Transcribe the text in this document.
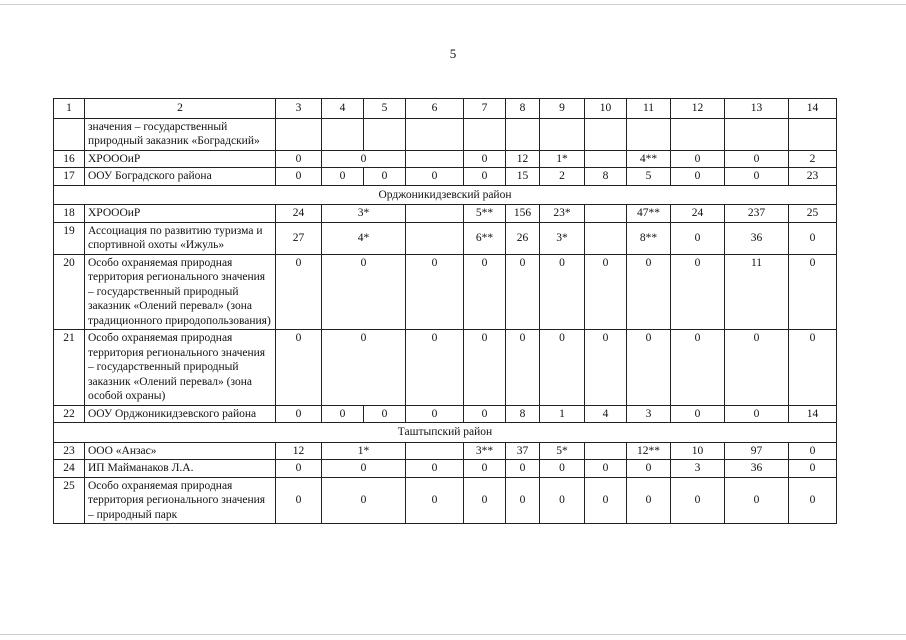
5
1	2	3	4	5	6	7	8	9	10	11	12	13	14
	значения – государственный природный заказник «Боградский»												
16	ХРОООиР	0	0			0	12	1*		4**	0	0	2
17	ООУ Боградского района	0	0	0	0	0	15	2	8	5	0	0	23
Орджоникидзевский район													
18	ХРОООиР	24	3*			5**	156	23*		47**	24	237	25
19	Ассоциация по развитию туризма и спортивной охоты «Ижуль»	27	4*			6**	26	3*		8**	0	36	0
20	Особо охраняемая природная территория регионального значения – государственный природный заказник «Олений перевал» (зона традиционного природопользования)	0	0		0	0	0	0	0	0	0	11	0
21	Особо охраняемая природная территория регионального значения – государственный природный заказник «Олений перевал» (зона особой охраны)	0	0		0	0	0	0	0	0	0	0	0
22	ООУ Орджоникидзевского района	0	0	0	0	0	8	1	4	3	0	0	14
Таштыпский район													
23	ООО «Анзас»	12	1*			3**	37	5*		12**	10	97	0
24	ИП Майманаков Л.А.	0	0		0	0	0	0	0	0	3	36	0
25	Особо охраняемая природная территория регионального значения – природный парк	0	0		0	0	0	0	0	0	0	0	0
